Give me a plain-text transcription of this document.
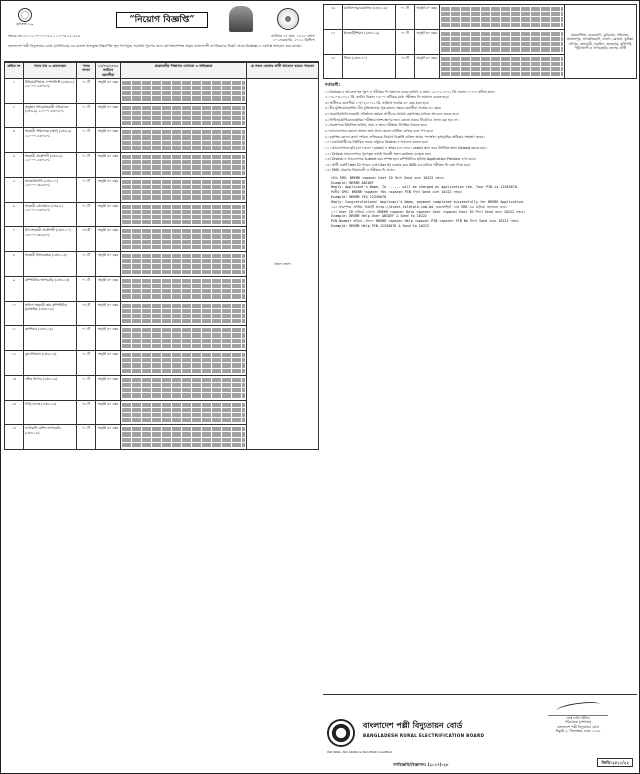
মুজিববর্ষ ১০০	“নিয়োগ বিজ্ঞপ্তি”
স্মারক নং-২৭.১২.০০০০.০৫৫.১১.০০৩.২২-২৮৯	তারিখঃ ২৭ মাঘ, ১৪২৮ বঙ্গাব্দ
১০ ফেব্রুয়ারি, ২০২২ খ্রিস্টাব্দ
বাংলাদেশ পল্লী বিদ্যুতায়ন বোর্ড (বাপবিবো)-এর রাজস্ব খাতভুক্ত নিম্নবর্ণিত শূন্য পদসমূহে সরাসরি পূরণের জন্য যোগ্যতাসম্পন্ন প্রকৃত বাংলাদেশী নাগরিকদের নিকট থেকে Online-এ দরখাস্ত আহবান করা যাচ্ছে।
ক্রমিক নং	পদের নাম ও বেতনস্কেল	পদের সংখ্যা	১০/০২/২০২২ তারিখে বয়সসীমা	প্রয়োজনীয় শিক্ষাগত যোগ্যতা ও অভিজ্ঞতা	যে সকল জেলার প্রার্থী আবেদন করতে পারবেন
১	মিডিয়া/পিআর স্পেশালিস্ট (গ্রেড-৯) ২২০০০-৫৩০৬০/-	০১ টি	অনূর্ধ্ব ৩০ বছর		সকল জেলা
২	অনুষ্ঠান সচিব/সহকারী পরিচালক (গ্রেড-৯) ২২০০০-৫৩০৬০/-	০১ টি	অনূর্ধ্ব ৩০ বছর		

৩	সহকারী পরিচালক (অর্থ) (গ্রেড-৯) ২২০০০-৫৩০৬০/-	০১ টি	অনূর্ধ্ব ৩০ বছর		

৪	সহকারী প্রকৌশলী (গ্রেড-৯) ২২০০০-৫৩০৬০/-	০১ টি	অনূর্ধ্ব ৩০ বছর		

৫	অ্যাকাউন্টেন্ট (গ্রেড-১০) ১৬০০০-৩৮৬৪০/-	০১ টি	অনূর্ধ্ব ৩০ বছর		

৬	সহকারী প্রোগ্রামার (গ্রেড-৯) ২২০০০-৫৩০৬০/-	০১ টি	অনূর্ধ্ব ৩০ বছর		

৭	উপ-সহকারী প্রকৌশলী (গ্রেড-১০) ১৬০০০-৩৮৬৪০/-	০৩ টি	অনূর্ধ্ব ৩০ বছর		

৮	সহকারী হিসাবরক্ষক (গ্রেড-১৩)	০১ টি	অনূর্ধ্ব ৩০ বছর		

৯	কম্পিউটার অপারেটর (গ্রেড-১৩)	০১ টি	অনূর্ধ্ব ৩০ বছর		

১০	অফিস সহকারী কাম কম্পিউটার মুদ্রাক্ষরিক (গ্রেড-১৬)	০৬ টি	অনূর্ধ্ব ৩০ বছর		

১১	ক্যাশিয়ার (গ্রেড-১৬)	০১ টি	অনূর্ধ্ব ৩০ বছর		

১২	ড্রাফটসম্যান (গ্রেড-১৬)	০১ টি	অনূর্ধ্ব ৩০ বছর		

১৩	স্টোর কিপার (গ্রেড-১৬)	০১ টি	অনূর্ধ্ব ৩০ বছর		

১৪	গাড়ি চালক (গ্রেড-১৬)	০৮ টি	অনূর্ধ্ব ৩০ বছর		

১৫	ফটোকপি মেশিন অপারেটর (গ্রেড-১৮)	০১ টি	অনূর্ধ্ব ৩০ বছর		
১৬	ক্যাটালগার/মেকানিক (গ্রেড-১৬)	০১ টি	অনূর্ধ্ব ৩০ বছর		ময়মনসিংহ, নেত্রকোণা, কুড়িগ্রাম, গাইবান্ধা, জামালপুর, লালমনিরহাট, ভোলা, বরগুনা, কুমিল্লা, চাঁদপুর, রাজবাড়ী, নড়াইল, মেহেরপুর, মুন্সিগঞ্জ, পটুয়াখালী ও খাগড়াছড়ি জেলার প্রার্থী
১৭	ইলেকট্রিশিয়ান (গ্রেড-১৬)	০১ টি	অনূর্ধ্ব ৩০ বছর		

১৮	পিয়ন (গ্রেড-২০)	০৫ টি	অনূর্ধ্ব ৩০ বছর		
শর্তাবলী:

১। Online-এ আবেদনপত্র পূরণ ও পরীক্ষার ফি জমাদান শুরুর তারিখ ও সময়: ১৫-০২-২০২২ খ্রি. সকাল ১০:০০ ঘটিকা হতে।

২। ০৯-০৩-২০২২ খ্রি. তারিখ বিকাল ০৫:০০ ঘটিকার মধ্যে পরীক্ষার ফি জমাদান করতে হবে।

৩। প্রার্থীদের বয়সসীমা ১০/০২/২০২২ খ্রি. তারিখে সর্বোচ্চ ৩০ বছর হতে হবে।

৪। বীর মুক্তিযোদ্ধা/শহিদ বীর মুক্তিযোদ্ধার পুত্র-কন্যার ক্ষেত্রে বয়সসীমা সর্বোচ্চ ৩২ বছর।

৫। সরকারি/আধা-সরকারি প্রতিষ্ঠানে কর্মরত প্রার্থীদের যথাযথ কর্তৃপক্ষের মাধ্যমে আবেদন করতে হবে।

৬। লিখিত/মৌখিক/ব্যবহারিক পরীক্ষায় অংশগ্রহণের জন্য কোনো প্রকার টিএ/ডিএ প্রদান করা হবে না।

৭। প্রবেশপত্রে উল্লিখিত তারিখ, সময় ও স্থানে পরীক্ষায় উপস্থিত থাকতে হবে।

৮। আবেদনপত্রে কোনো অসত্য তথ্য প্রদান করলে প্রার্থিতা বাতিল বলে গণ্য হবে।

৯। কর্তৃপক্ষ কোনো কারণ দর্শানো ব্যতিরেকে নিয়োগ বিজ্ঞপ্তি বাতিল অথবা পদসংখ্যা হ্রাস/বৃদ্ধির অধিকার সংরক্ষণ করেন।

১০। চাকরিপ্রার্থীদের নির্ধারিত ফরমে শুধুমাত্র Online-এ আবেদন করতে হবে।

১১। আবেদনপত্রে ছবি (৩০০×৩০০ pixel) ও স্বাক্ষর (৩০০×৮০ pixel) স্ক্যান করে নির্ধারিত স্থানে Upload করতে হবে।

১২। Online আবেদনপত্রে পূরণকৃত তথ্যই পরবর্তী সকল কার্যক্রমে ব্যবহৃত হবে।

১৩। Online-এ আবেদনপত্র Submit করা সম্পন্ন হলে কম্পিউটারে ছবিসহ Application Preview দেখা যাবে।

১৪। প্রার্থী একটি User ID পাবেন এবং User ID ব্যবহার করে SMS-এর মাধ্যমে পরীক্ষার ফি জমা দিতে হবে।

১৫। SMS প্রেরণের নিয়মাবলী ও পরীক্ষার ফি প্রদান:

প্রথম SMS: BREBR <space> User ID লিখে Send করুন 16222 নম্বরে।

Example: BREBR ABCDEF

Reply: Applicant's Name, Tk ...... will be charged as application fee. Your PIN is 12345678.

দ্বিতীয় SMS: BREBR <space> Yes <space> PIN লিখে Send করুন 16222 নম্বরে।

Example: BREBR YES 12345678

Reply: Congratulations! Applicant's Name, payment completed successfully for BREBR Application.

১৬। প্রবেশপত্র প্রাপ্তির বিষয়টি http://brebr.teletalk.com.bd ওয়েবসাইটে এবং SMS-এর মাধ্যমে জানানো হবে।

১৭। User ID হারিয়ে গেলে: BREBR <space> Help <space> User <space> User ID লিখে Send করুন 16222 নম্বরে।

Example: BREBR Help User ABCDEF & Send to 16222

PIN Number হারিয়ে গেলে: BREBR <space> Help <space> PIN <space> PIN No লিখে Send করুন 16222 নম্বরে।

Example: BREBR Help PIN 12345678 & Send to 16222

মোঃ ফরিদ উদ্দিন

পরিচালক (প্রশাসন)

বাংলাদেশ পল্লী বিদ্যুতায়ন বোর্ড

নিকুঞ্জ-২, খিলক্ষেত, ঢাকা-১২২৯

বাংলাদেশ পল্লী বিদ্যুতায়ন বোর্ড
BANGLADESH RURAL ELECTRIFICATION BOARD
ISO 9001, ISO 14001 & ISO 45001 Certified
গণবিজ্ঞপ্তি/বিজ্ঞাপন: (২০১৭)-২৮	জিডি-২৫১১/২২
